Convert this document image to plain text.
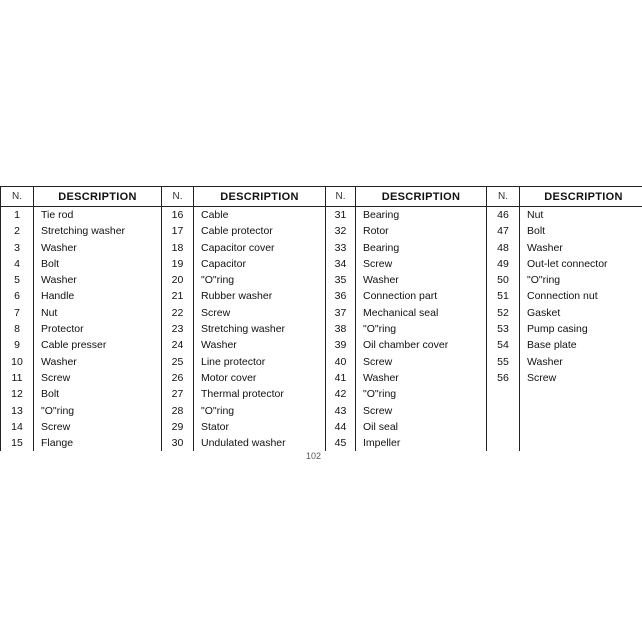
N.
1
2
3
4
5
6
7
8
9
10
11
12
13
14
15
DESCRIPTION
Tie rod
Stretching washer
Washer
Bolt
Washer
Handle
Nut
Protector
Cable presser
Washer
Screw
Bolt
"O"ring
Screw
Flange
N.
16
17
18
19
20
21
22
23
24
25
26
27
28
29
30
DESCRIPTION
Cable
Cable protector
Capacitor cover
Capacitor
"O"ring
Rubber washer
Screw
Stretching washer
Washer
Line protector
Motor cover
Thermal protector
"O"ring
Stator
Undulated washer
N.
31
32
33
34
35
36
37
38
39
40
41
42
43
44
45
DESCRIPTION
Bearing
Rotor
Bearing
Screw
Washer
Connection part
Mechanical seal
"O"ring
Oil chamber cover
Screw
Washer
"O"ring
Screw
Oil seal
Impeller
N.
46
47
48
49
50
51
52
53
54
55
56
DESCRIPTION
Nut
Bolt
Washer
Out-let connector
"O"ring
Connection nut
Gasket
Pump casing
Base plate
Washer
Screw
102
